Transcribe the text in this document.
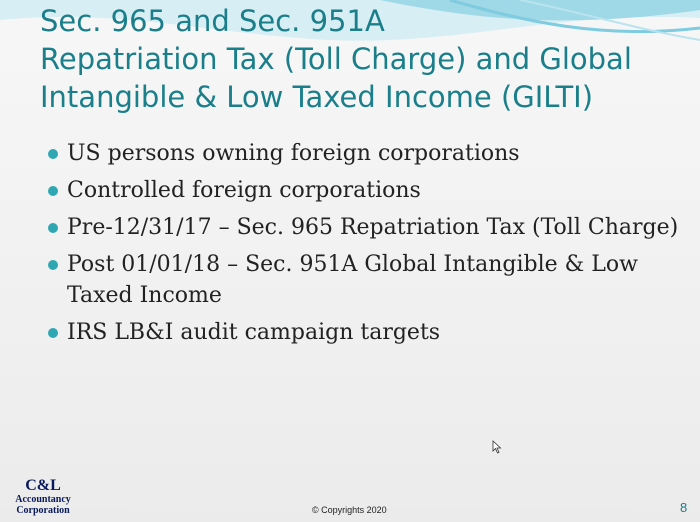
Sec. 965 and Sec. 951A
Repatriation Tax (Toll Charge) and Global
Intangible & Low Taxed Income (GILTI)
US persons owning foreign corporations
Controlled foreign corporations
Pre-12/31/17 – Sec. 965 Repatriation Tax (Toll Charge)
Post 01/01/18 – Sec. 951A Global Intangible & Low Taxed Income
IRS LB&I audit campaign targets
C&L
Accountancy
Corporation	© Copyrights 2020	8
